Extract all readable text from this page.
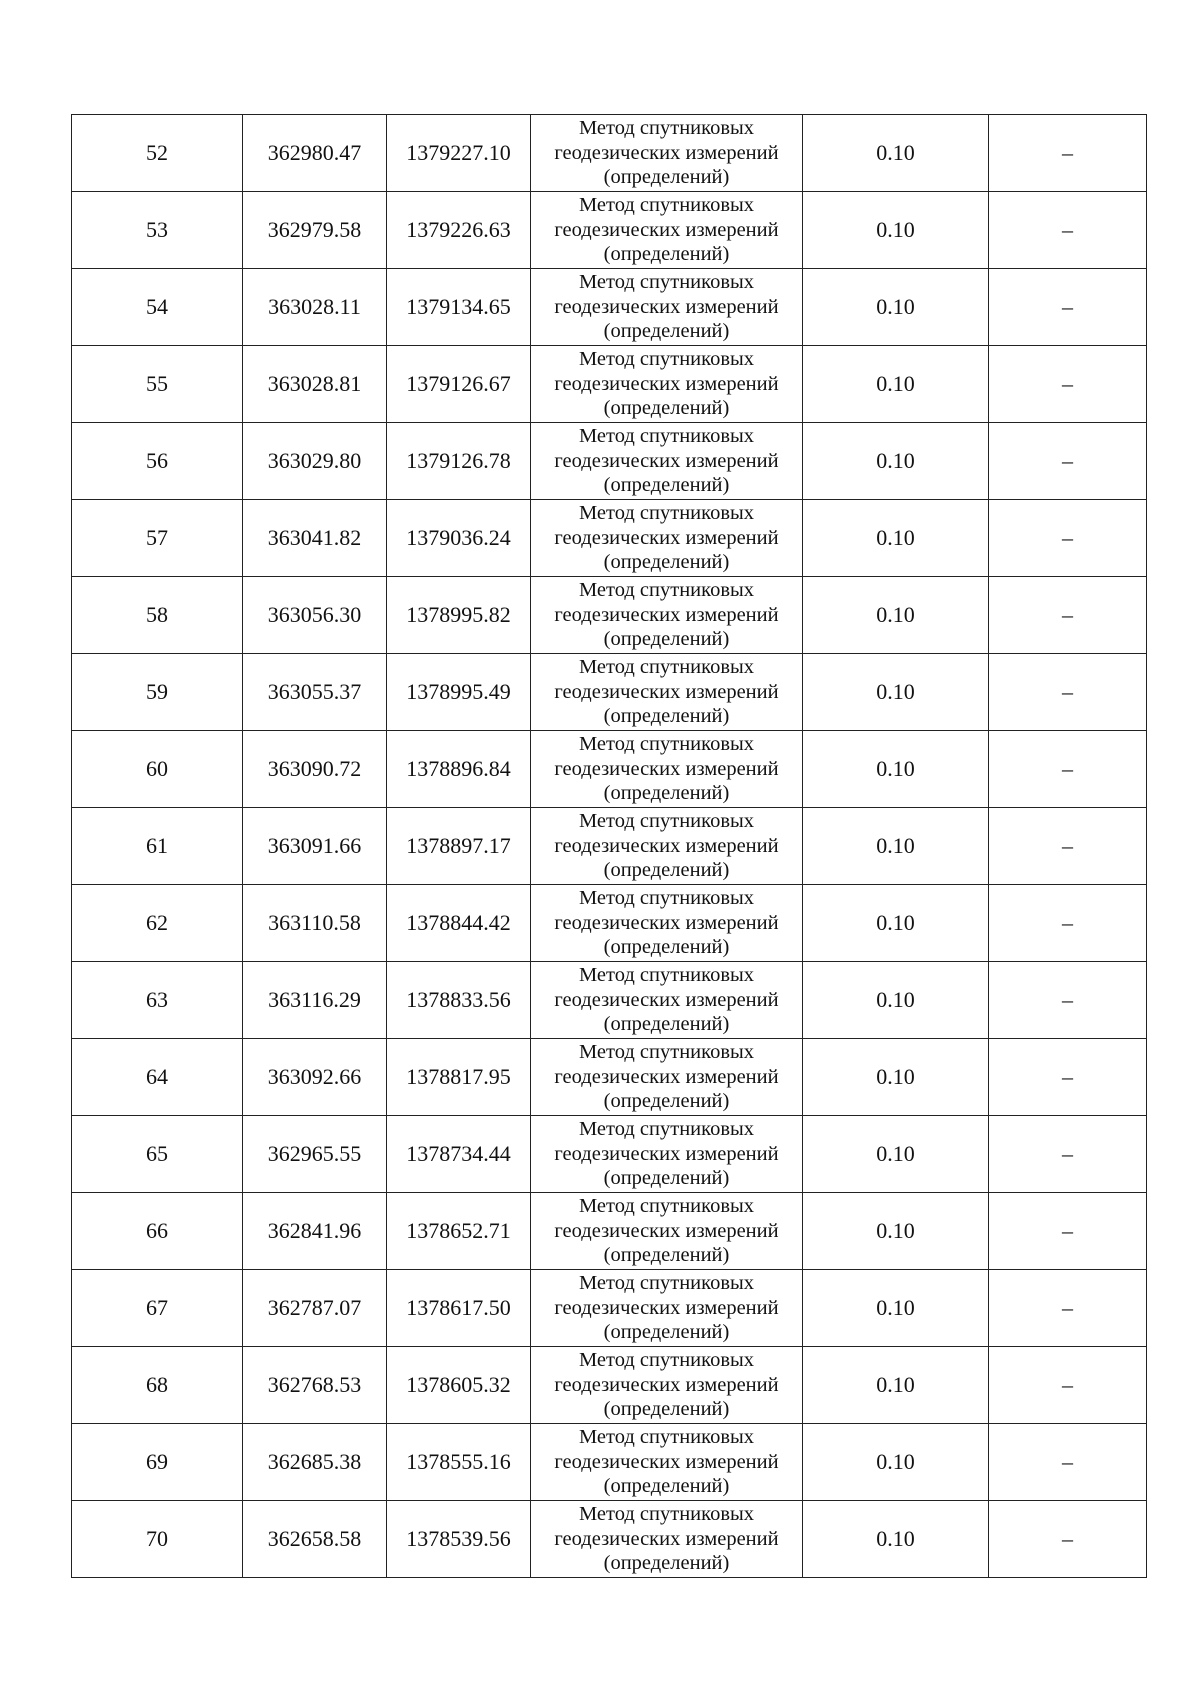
52	362980.47	1379227.10	Метод спутниковых
геодезических измерений
(определений)	0.10	–
53	362979.58	1379226.63	Метод спутниковых
геодезических измерений
(определений)	0.10	–
54	363028.11	1379134.65	Метод спутниковых
геодезических измерений
(определений)	0.10	–
55	363028.81	1379126.67	Метод спутниковых
геодезических измерений
(определений)	0.10	–
56	363029.80	1379126.78	Метод спутниковых
геодезических измерений
(определений)	0.10	–
57	363041.82	1379036.24	Метод спутниковых
геодезических измерений
(определений)	0.10	–
58	363056.30	1378995.82	Метод спутниковых
геодезических измерений
(определений)	0.10	–
59	363055.37	1378995.49	Метод спутниковых
геодезических измерений
(определений)	0.10	–
60	363090.72	1378896.84	Метод спутниковых
геодезических измерений
(определений)	0.10	–
61	363091.66	1378897.17	Метод спутниковых
геодезических измерений
(определений)	0.10	–
62	363110.58	1378844.42	Метод спутниковых
геодезических измерений
(определений)	0.10	–
63	363116.29	1378833.56	Метод спутниковых
геодезических измерений
(определений)	0.10	–
64	363092.66	1378817.95	Метод спутниковых
геодезических измерений
(определений)	0.10	–
65	362965.55	1378734.44	Метод спутниковых
геодезических измерений
(определений)	0.10	–
66	362841.96	1378652.71	Метод спутниковых
геодезических измерений
(определений)	0.10	–
67	362787.07	1378617.50	Метод спутниковых
геодезических измерений
(определений)	0.10	–
68	362768.53	1378605.32	Метод спутниковых
геодезических измерений
(определений)	0.10	–
69	362685.38	1378555.16	Метод спутниковых
геодезических измерений
(определений)	0.10	–
70	362658.58	1378539.56	Метод спутниковых
геодезических измерений
(определений)	0.10	–
